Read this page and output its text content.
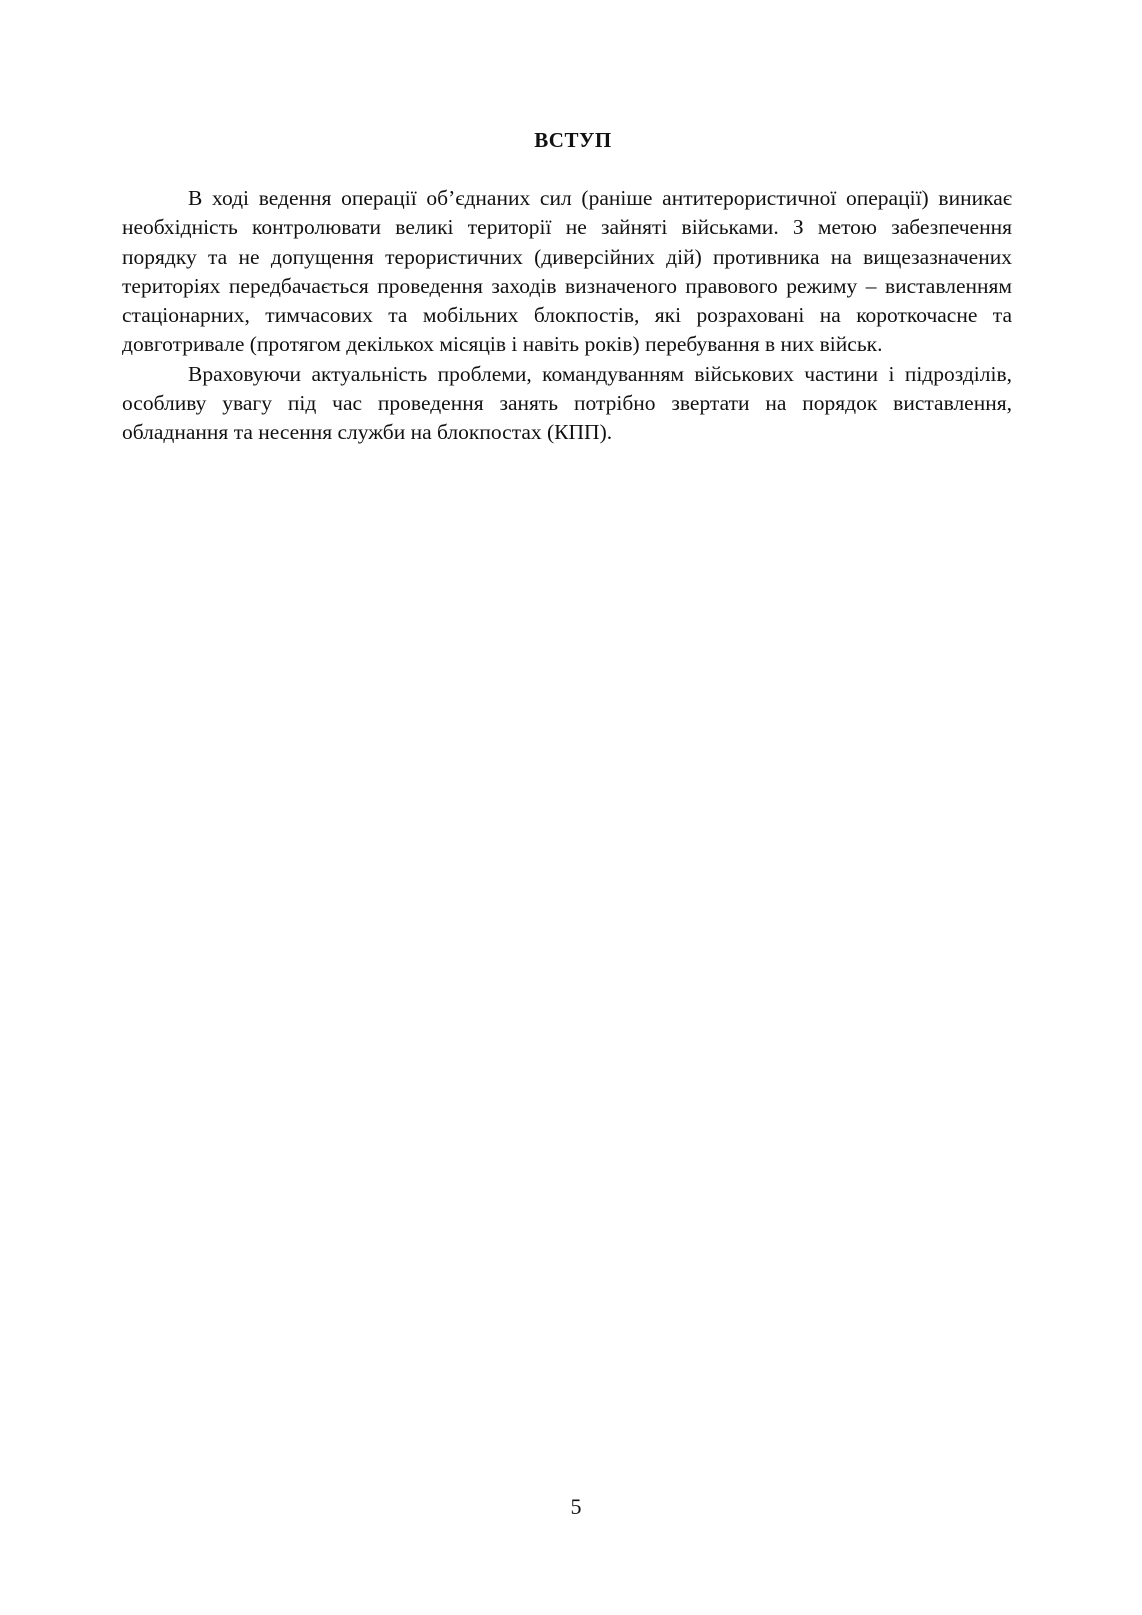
ВСТУП

В ході ведення операції об’єднаних сил (раніше антитерористичної операції) виникає необхідність контролювати великі території не зайняті військами. З метою забезпечення порядку та не допущення терористичних (диверсійних дій) противника на вищезазначених територіях передбачається проведення заходів визначеного правового режиму – виставленням стаціонарних, тимчасових та мобільних блокпостів, які розраховані на короткочасне та довготривале (протягом декількох місяців і навіть років) перебування в них військ.

Враховуючи актуальність проблеми, командуванням військових частини і підрозділів, особливу увагу під час проведення занять потрібно звертати на порядок виставлення, обладнання та несення служби на блокпостах (КПП).

5
